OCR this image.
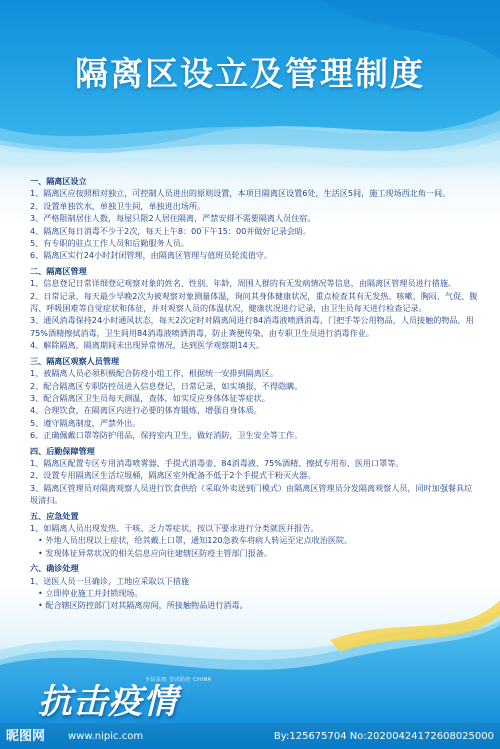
隔离区设立及管理制度
一、隔离区设立
1、隔离区应按照相对独立，可控制人员进出的原则设置，本项目隔离区设置6处，生活区5间，施工现场西北角一间。
2、设置单独饮水，单独卫生间，单独进出场所。
3、严格限制居住人数，每屋只限2人居住隔离，严禁安排不需要隔离人员住宿。
4、隔离区每日消毒不少于2次，每天上午8：00下午15：00并做好记录会晤。
5、有专职的驻点工作人员和后勤服务人员。
6、隔离区实行24小时封闭管理，由隔离区管理与值班员轮流值守。
二、隔离区管理
1、信息登记日常详细登记观察对象的姓名、性别、年龄，周围人群的有无发病情况等信息，由隔离区管理员进行措施。
2、日常记录，每天最少早晚2次为被观察对象测量体温，询问其身体健康状况，重点检查其有无发热、咳嗽、胸闷、气促、腹泻、呼吸困难等自觉症状和体征，并对观察人员的体温状况，健康状况进行记录，由卫生员每天进行检查记录。
3、通风消毒保持24小时通风状态，每天2次定时对隔离间进行84消毒液喷洒消毒，门把手等公用物品，人员接触的物品，用75%酒精擦拭消毒，卫生间用84消毒液喷洒消毒，防止粪便传染，由专职卫生员进行消毒作业。
4、解除隔离，隔离期间未出现异常情况，达到医学观察期14天。
三、隔离区观察人员管理
1、被隔离人员必须积极配合防疫小组工作，根据统一安排到隔离区。
2、配合隔离区专职防控员进入信息登记，日常记录，如实填报，不得隐瞒。
3、配合隔离区卫生员每天测温，查体，如实反应身体体征等症状。
4、合理饮食，在隔离区内进行必要的体育锻炼，增强自身体质。
5、遵守隔离制度，严禁外出。
6、正确佩戴口罩等防护用品，保持室内卫生，做好消防，卫生安全等工作。
四、后勤保障管理
1、隔离区配置专区专用消毒喷雾器、手提式消毒壶、84消毒液、75%酒精、擦拭专用布、医用口罩等。
2、设置专用隔离区生活垃圾桶，隔离区室外配备不低于2个手提式干粉灭火器。
3、隔离区管理员对隔离观察人员进行饮食供给（采取外卖送到门模式）由隔离区管理员分发隔离观察人员，同时加强餐具垃圾清扫。
五、应急处置
1、如隔离人员出现发热、干咳、乏力等症状，按以下要求进行分类就医并报告。
• 外地人员出现以上症状，给其戴上口罩，通知120急救车将病人转运至定点收治医院。
• 发现体征异常状况的相关信息应向往建辖区防疫主管部门报备。
六、确诊处理
1、送医人员一旦确诊，工地应采取以下措施
• 立即停业施工并封锁现场。
• 配合辖区防控部门对其隔离房间，所接触物品进行消毒。
抗击疫情
全民抗疫 坚决防控 CHINA
昵图网 www.nipic.com	By:125675704 No:20200424172608025000
